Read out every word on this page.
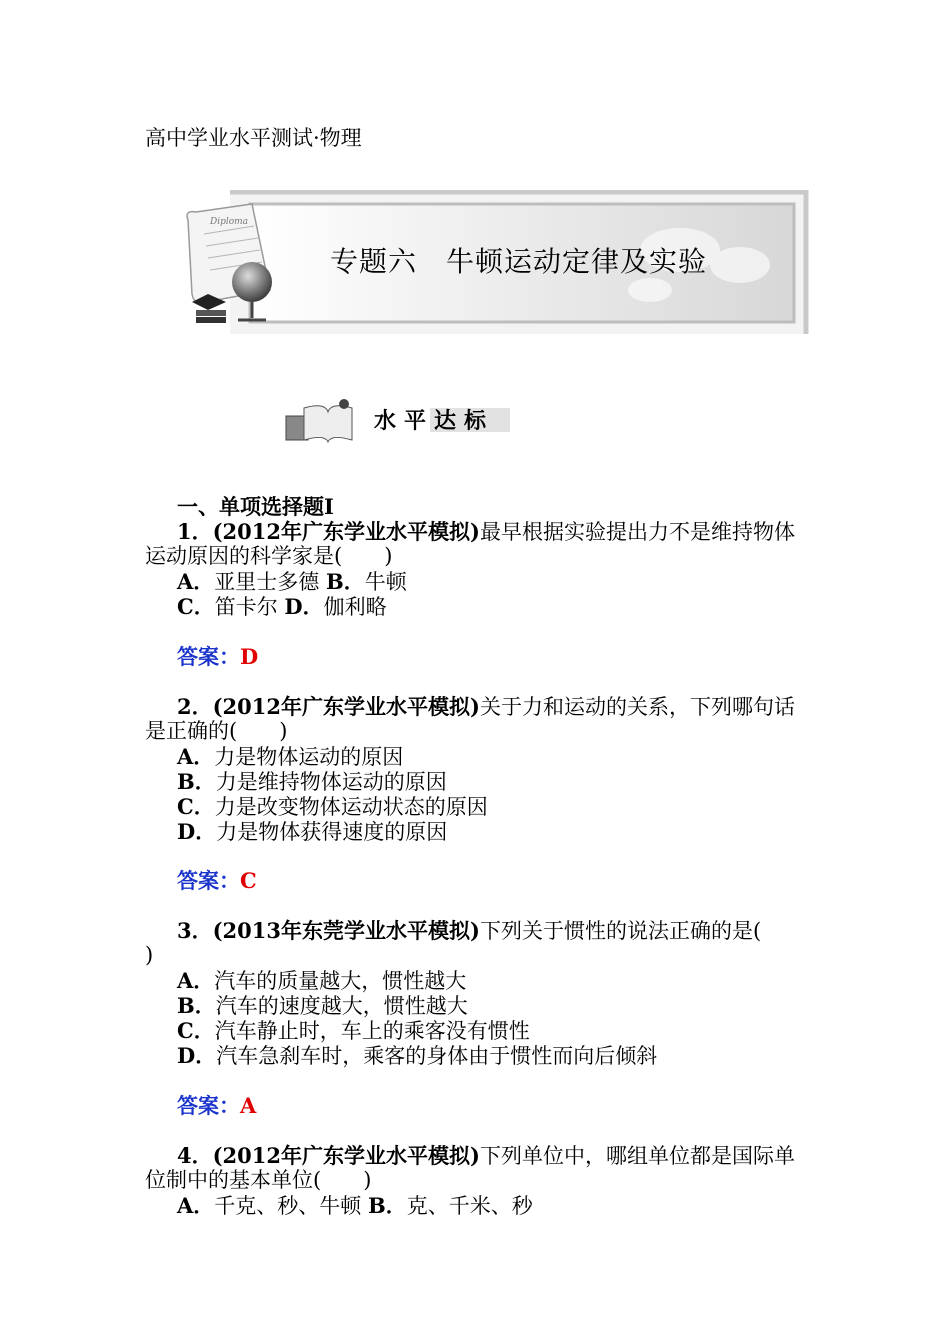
高中学业水平测试·物理
Diploma
专题六　牛顿运动定律及实验
水平达标
一、单项选择题Ⅰ
1．(2012年广东学业水平模拟)最早根据实验提出力不是维持物体
运动原因的科学家是(　　)
A．亚里士多德 B．牛顿
C．笛卡尔 D．伽利略
答案：D
2．(2012年广东学业水平模拟)关于力和运动的关系，下列哪句话
是正确的(　　)
A．力是物体运动的原因
B．力是维持物体运动的原因
C．力是改变物体运动状态的原因
D．力是物体获得速度的原因
答案：C
3．(2013年东莞学业水平模拟)下列关于惯性的说法正确的是(
)
A．汽车的质量越大，惯性越大
B．汽车的速度越大，惯性越大
C．汽车静止时，车上的乘客没有惯性
D．汽车急刹车时，乘客的身体由于惯性而向后倾斜
答案：A
4．(2012年广东学业水平模拟)下列单位中，哪组单位都是国际单
位制中的基本单位(　　)
A．千克、秒、牛顿 B．克、千米、秒
